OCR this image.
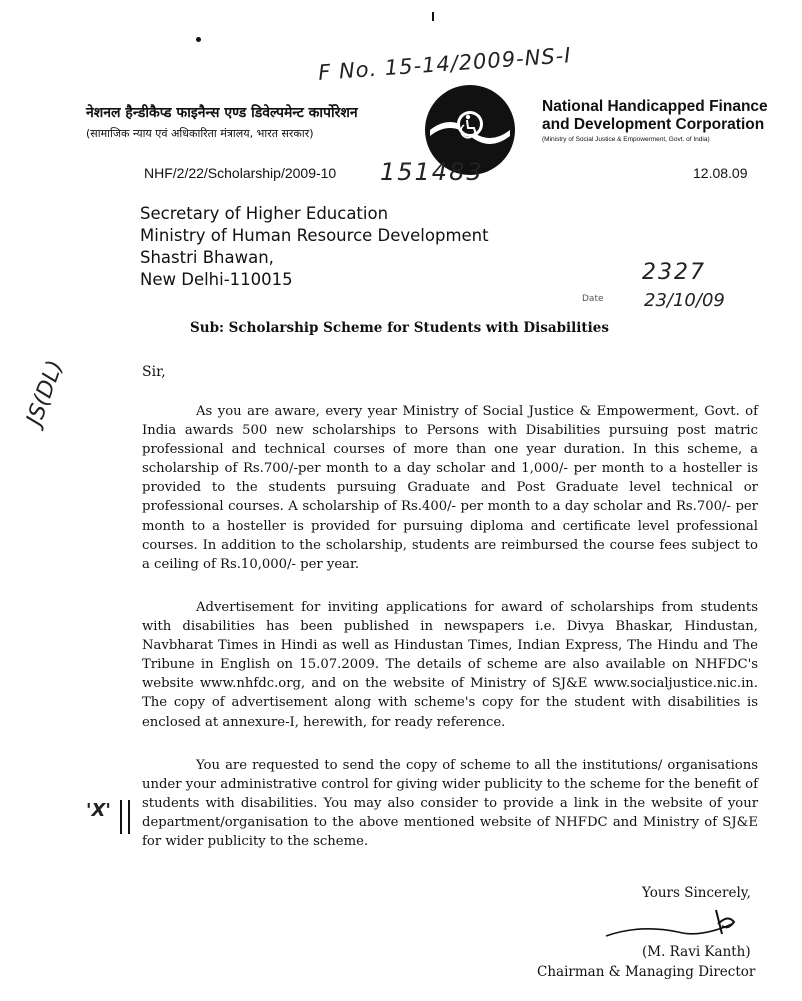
F No. 15-14/2009-NS-I
नेशनल हैन्डीकैप्ड फाइनैन्स एण्ड डिवेल्पमेन्ट कार्पोरेशन
(सामाजिक न्याय एवं अधिकारिता मंत्रालय, भारत सरकार)
National Handicapped Finance
and Development Corporation
(Ministry of Social Justice & Empowerment, Govt. of India)
NHF/2/22/Scholarship/2009-10 151483	12.08.09
Secretary of Higher Education
Ministry of Human Resource Development
Shastri Bhawan,
New Delhi-110015	2327
Date 23/10/09
JS(DL)
Sub: Scholarship Scheme for Students with Disabilities
Sir,

As you are aware, every year Ministry of Social Justice & Empowerment, Govt. of India awards 500 new scholarships to Persons with Disabilities pursuing post matric professional and technical courses of more than one year duration. In this scheme, a scholarship of Rs.700/-per month to a day scholar and 1,000/- per month to a hosteller is provided to the students pursuing Graduate and Post Graduate level technical or professional courses. A scholarship of Rs.400/- per month to a day scholar and Rs.700/- per month to a hosteller is provided for pursuing diploma and certificate level professional courses. In addition to the scholarship, students are reimbursed the course fees subject to a ceiling of Rs.10,000/- per year.

Advertisement for inviting applications for award of scholarships from students with disabilities has been published in newspapers i.e. Divya Bhaskar, Hindustan, Navbharat Times in Hindi as well as Hindustan Times, Indian Express, The Hindu and The Tribune in English on 15.07.2009. The details of scheme are also available on NHFDC's website www.nhfdc.org, and on the website of Ministry of SJ&E www.socialjustice.nic.in. The copy of advertisement along with scheme's copy for the student with disabilities is enclosed at annexure-I, herewith, for ready reference.

You are requested to send the copy of scheme to all the institutions/ organisations under your administrative control for giving wider publicity to the scheme for the benefit of students with disabilities. You may also consider to provide a link in the website of your department/organisation to the above mentioned website of NHFDC and Ministry of SJ&E for wider publicity to the scheme.

'X'
Yours Sincerely,
(M. Ravi Kanth)
Chairman & Managing Director
